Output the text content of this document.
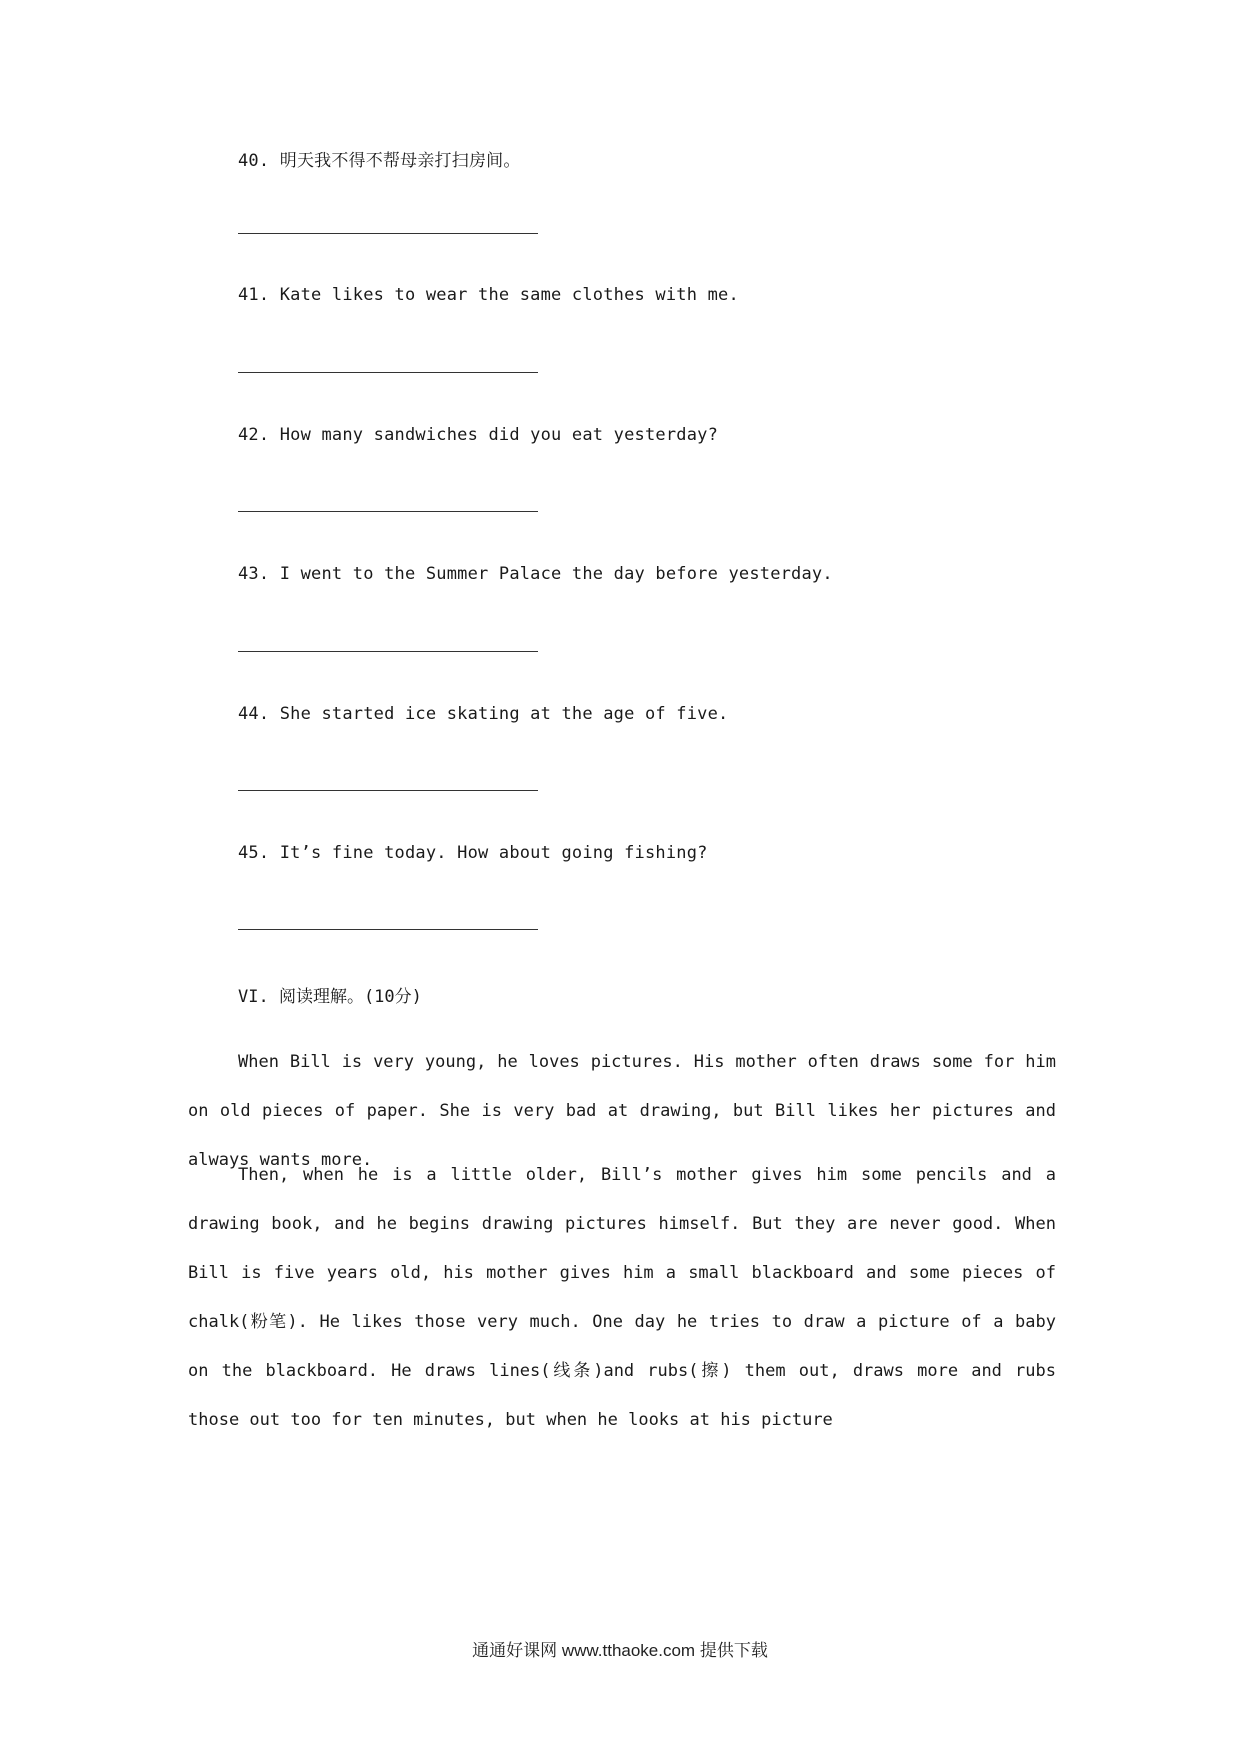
40. 明天我不得不帮母亲打扫房间。
41. Kate likes to wear the same clothes with me.
42. How many sandwiches did you eat yesterday?
43. I went to the Summer Palace the day before yesterday.
44. She started ice skating at the age of five.
45. It’s fine today. How about going fishing?
VI. 阅读理解。(10分)

When Bill is very young, he loves pictures. His mother often draws some for him on old pieces of paper. She is very bad at drawing, but Bill likes her pictures and always wants more.

Then, when he is a little older, Bill’s mother gives him some pencils and a drawing book, and he begins drawing pictures himself. But they are never good. When Bill is five years old, his mother gives him a small blackboard and some pieces of chalk(粉笔). He likes those very much. One day he tries to draw a picture of a baby on the blackboard. He draws lines(线条)and rubs(擦) them out, draws more and rubs those out too for ten minutes, but when he looks at his picture

通通好课网 www.tthaoke.com 提供下载
